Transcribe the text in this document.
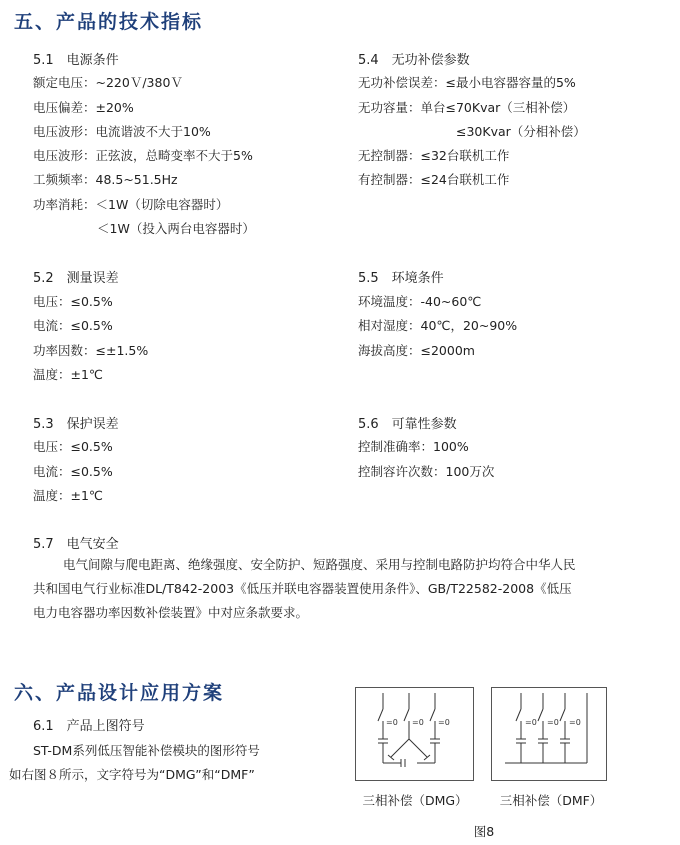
五、产品的技术指标
5.1　电源条件
额定电压：~220Ｖ/380Ｖ
电压偏差：±20%
电压波形：电流谐波不大于10%
电压波形：正弦波，总畸变率不大于5%
工频频率：48.5~51.5Hz
功率消耗：＜1W（切除电容器时）
＜1W（投入两台电容器时）
5.4　无功补偿参数
无功补偿误差：≤最小电容器容量的5%
无功容量：单台≤70Kvar（三相补偿）
≤30Kvar（分相补偿）
无控制器：≤32台联机工作
有控制器：≤24台联机工作
5.2　测量误差
电压：≤0.5%
电流：≤0.5%
功率因数：≤±1.5%
温度：±1℃
5.5　环境条件
环境温度：-40~60℃
相对湿度：40℃，20~90%
海拔高度：≤2000m
5.3　保护误差
电压：≤0.5%
电流：≤0.5%
温度：±1℃
5.6　可靠性参数
控制准确率：100%
控制容许次数：100万次
5.7　电气安全
电气间隙与爬电距离、绝缘强度、安全防护、短路强度、采用与控制电路防护均符合中华人民共和国电气行业标准DL/T842-2003《低压并联电容器装置使用条件》、GB/T22582-2008《低压电力电容器功率因数补偿装置》中对应条款要求。
六、产品设计应用方案
6.1　产品上图符号
ST-DM系列低压智能补偿模块的图形符号
如右图８所示，文字符号为“DMG”和“DMF”
=0 =0 =0	=0 =0 =0
三相补偿（DMG）	三相补偿（DMF）
图8
